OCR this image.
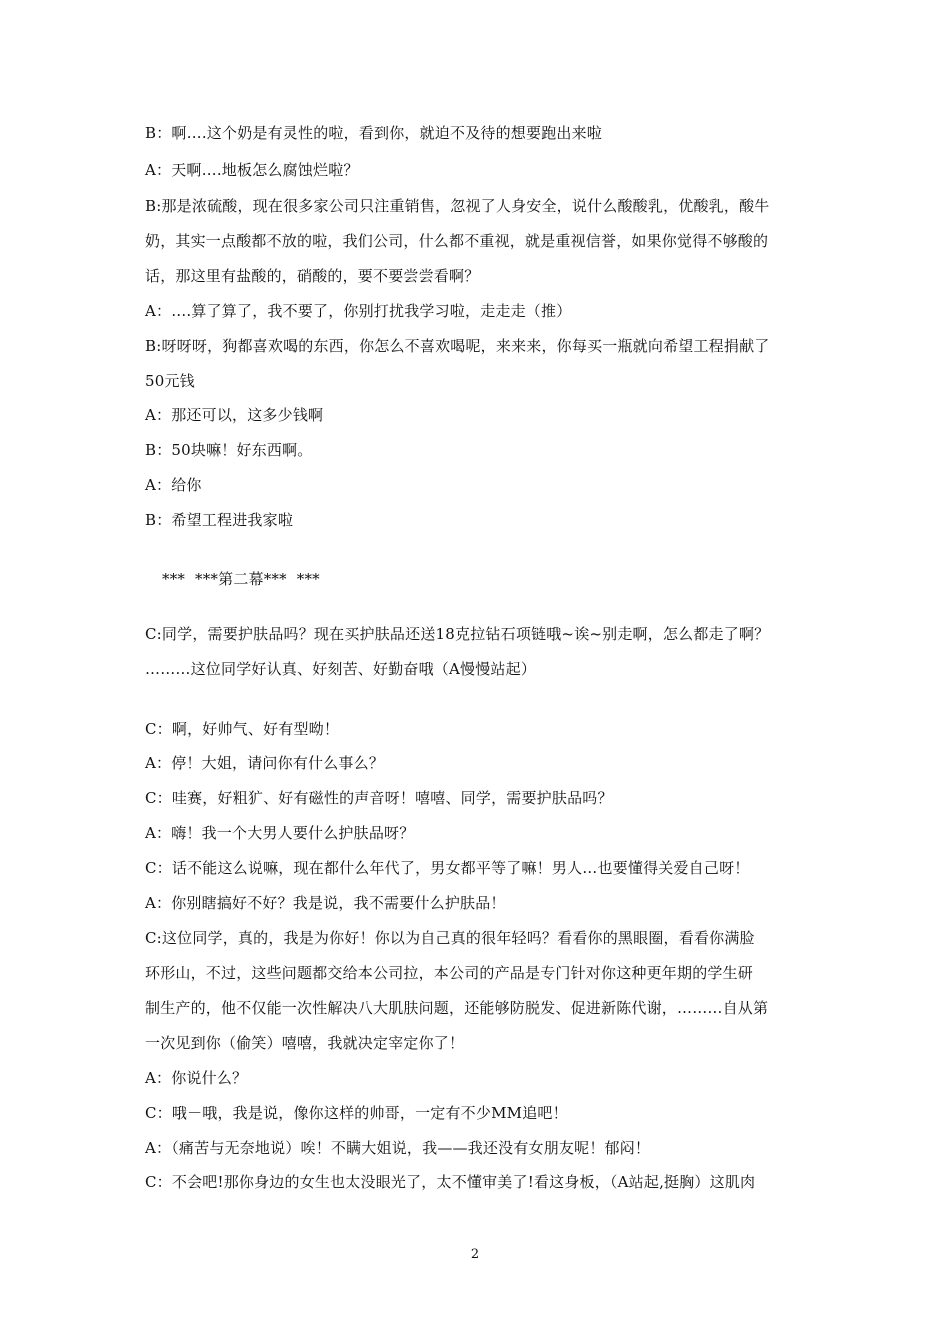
B：啊….这个奶是有灵性的啦，看到你，就迫不及待的想要跑出来啦
A：天啊….地板怎么腐蚀烂啦？
B:那是浓硫酸，现在很多家公司只注重销售，忽视了人身安全，说什么酸酸乳，优酸乳，酸牛
奶，其实一点酸都不放的啦，我们公司，什么都不重视，就是重视信誉，如果你觉得不够酸的
话，那这里有盐酸的，硝酸的，要不要尝尝看啊？
A：….算了算了，我不要了，你别打扰我学习啦，走走走（推）
B:呀呀呀，狗都喜欢喝的东西，你怎么不喜欢喝呢，来来来，你每买一瓶就向希望工程捐献了
50元钱
A：那还可以，这多少钱啊
B：50块嘛！好东西啊。
A：给你
B：希望工程进我家啦
***  ***第二幕***  ***
C:同学，需要护肤品吗？现在买护肤品还送18克拉钻石项链哦~诶~别走啊，怎么都走了啊？
………这位同学好认真、好刻苦、好勤奋哦（A慢慢站起）
C：啊，好帅气、好有型呦！
A：停！大姐，请问你有什么事么？
C：哇赛，好粗犷、好有磁性的声音呀！嘻嘻、同学，需要护肤品吗？
A：嗨！我一个大男人要什么护肤品呀？
C：话不能这么说嘛，现在都什么年代了，男女都平等了嘛！男人…也要懂得关爱自己呀！
A：你别瞎搞好不好？我是说，我不需要什么护肤品！
C:这位同学，真的，我是为你好！你以为自己真的很年轻吗？看看你的黑眼圈，看看你满脸
环形山，不过，这些问题都交给本公司拉，本公司的产品是专门针对你这种更年期的学生研
制生产的，他不仅能一次性解决八大肌肤问题，还能够防脱发、促进新陈代谢，………自从第
一次见到你（偷笑）嘻嘻，我就决定宰定你了！
A：你说什么？
C：哦－哦，我是说，像你这样的帅哥，一定有不少MM追吧！
A：（痛苦与无奈地说）唉！不瞒大姐说，我——我还没有女朋友呢！郁闷！
C：不会吧!那你身边的女生也太没眼光了，太不懂审美了!看这身板，（A站起,挺胸）这肌肉
2
